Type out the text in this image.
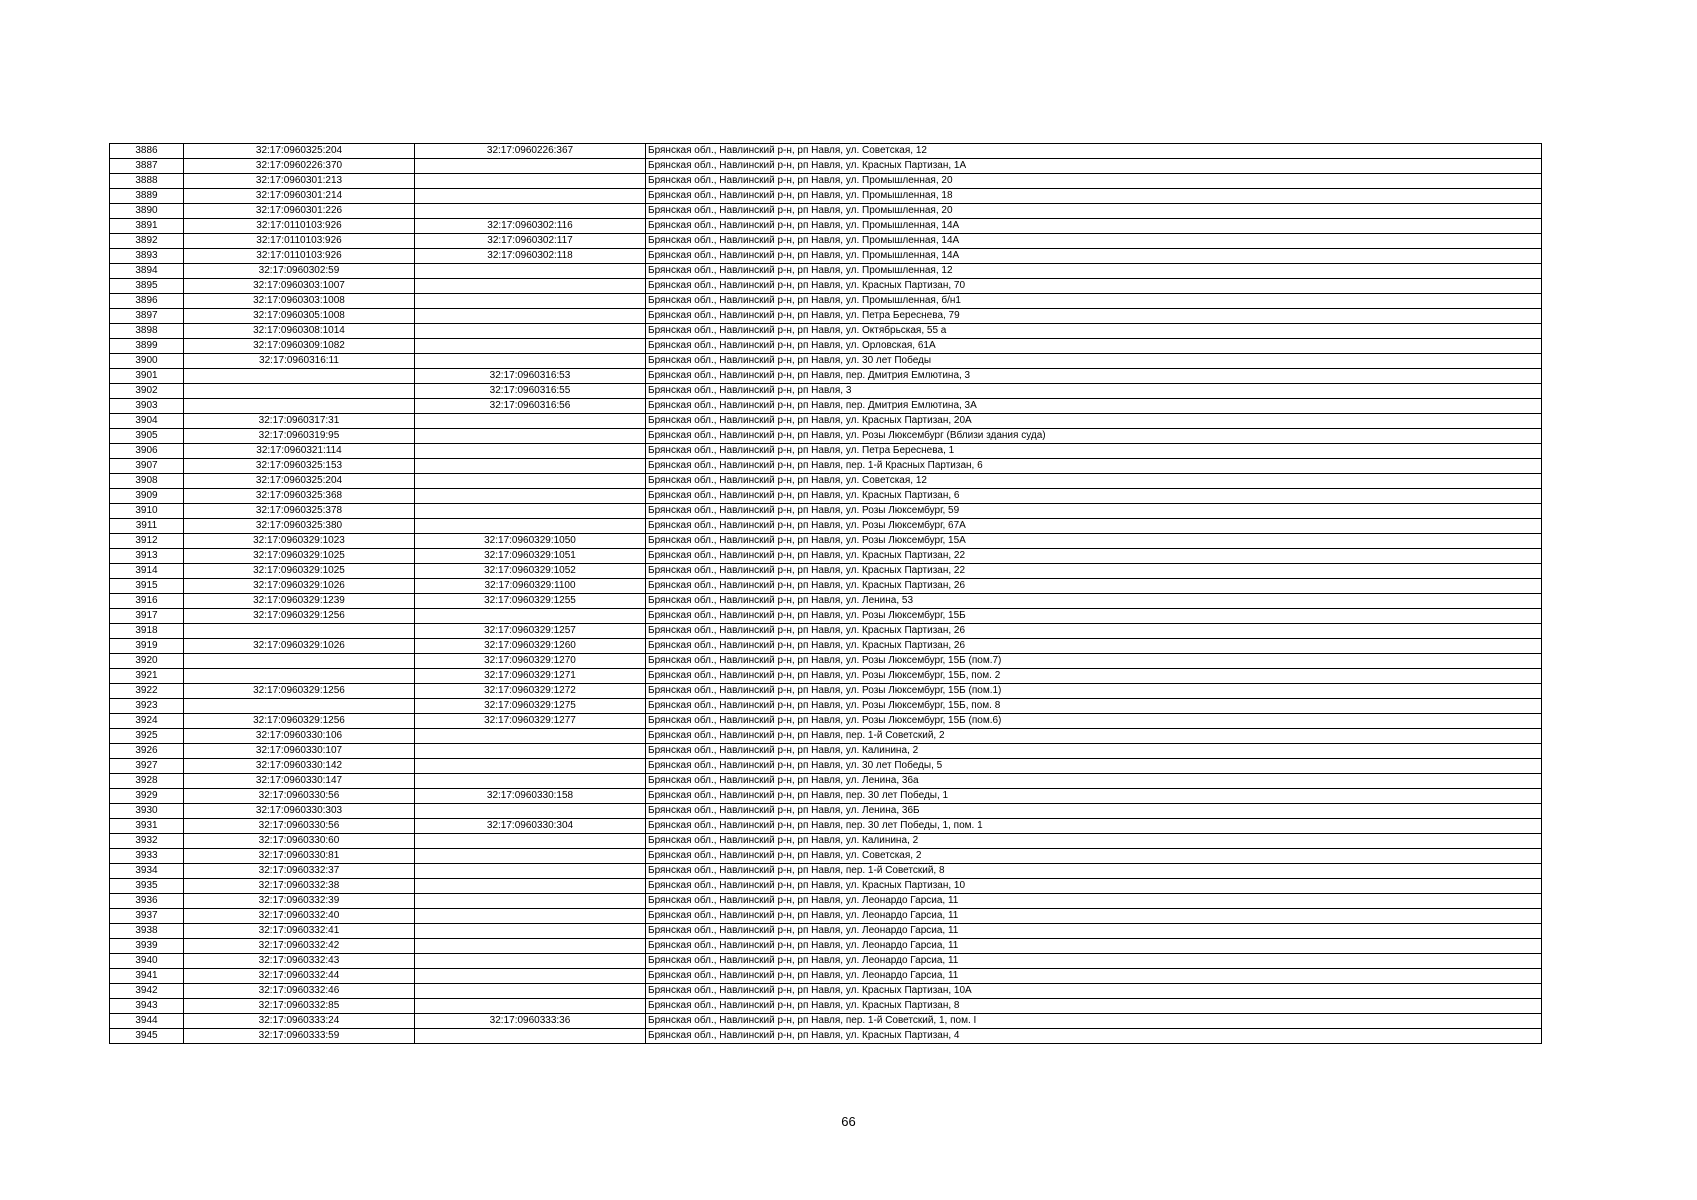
3886	32:17:0960325:204	32:17:0960226:367	Брянская обл., Навлинский р-н, рп Навля, ул. Советская, 12
3887	32:17:0960226:370		Брянская обл., Навлинский р-н, рп Навля, ул. Красных Партизан, 1А
3888	32:17:0960301:213		Брянская обл., Навлинский р-н, рп Навля, ул. Промышленная, 20
3889	32:17:0960301:214		Брянская обл., Навлинский р-н, рп Навля, ул. Промышленная, 18
3890	32:17:0960301:226		Брянская обл., Навлинский р-н, рп Навля, ул. Промышленная, 20
3891	32:17:0110103:926	32:17:0960302:116	Брянская обл., Навлинский р-н, рп Навля, ул. Промышленная, 14А
3892	32:17:0110103:926	32:17:0960302:117	Брянская обл., Навлинский р-н, рп Навля, ул. Промышленная, 14А
3893	32:17:0110103:926	32:17:0960302:118	Брянская обл., Навлинский р-н, рп Навля, ул. Промышленная, 14А
3894	32:17:0960302:59		Брянская обл., Навлинский р-н, рп Навля, ул. Промышленная, 12
3895	32:17:0960303:1007		Брянская обл., Навлинский р-н, рп Навля, ул. Красных Партизан, 70
3896	32:17:0960303:1008		Брянская обл., Навлинский р-н, рп Навля, ул. Промышленная, б/н1
3897	32:17:0960305:1008		Брянская обл., Навлинский р-н, рп Навля, ул. Петра Береснева, 79
3898	32:17:0960308:1014		Брянская обл., Навлинский р-н, рп Навля, ул. Октябрьская, 55 а
3899	32:17:0960309:1082		Брянская обл., Навлинский р-н, рп Навля, ул. Орловская, 61А
3900	32:17:0960316:11		Брянская обл., Навлинский р-н, рп Навля, ул. 30 лет Победы
3901		32:17:0960316:53	Брянская обл., Навлинский р-н, рп Навля, пер. Дмитрия Емлютина, 3
3902		32:17:0960316:55	Брянская обл., Навлинский р-н, рп Навля, 3
3903		32:17:0960316:56	Брянская обл., Навлинский р-н, рп Навля, пер. Дмитрия Емлютина, 3А
3904	32:17:0960317:31		Брянская обл., Навлинский р-н, рп Навля, ул. Красных Партизан, 20А
3905	32:17:0960319:95		Брянская обл., Навлинский р-н, рп Навля, ул. Розы Люксембург (Вблизи здания суда)
3906	32:17:0960321:114		Брянская обл., Навлинский р-н, рп Навля, ул. Петра Бересневa, 1
3907	32:17:0960325:153		Брянская обл., Навлинский р-н, рп Навля, пер. 1-й Красных Партизан, 6
3908	32:17:0960325:204		Брянская обл., Навлинский р-н, рп Навля, ул. Советская, 12
3909	32:17:0960325:368		Брянская обл., Навлинский р-н, рп Навля, ул. Красных Партизан, 6
3910	32:17:0960325:378		Брянская обл., Навлинский р-н, рп Навля, ул. Розы Люксембург, 59
3911	32:17:0960325:380		Брянская обл., Навлинский р-н, рп Навля, ул. Розы Люксембург, 67А
3912	32:17:0960329:1023	32:17:0960329:1050	Брянская обл., Навлинский р-н, рп Навля, ул. Розы Люксембург, 15А
3913	32:17:0960329:1025	32:17:0960329:1051	Брянская обл., Навлинский р-н, рп Навля, ул. Красных Партизан, 22
3914	32:17:0960329:1025	32:17:0960329:1052	Брянская обл., Навлинский р-н, рп Навля, ул. Красных Партизан, 22
3915	32:17:0960329:1026	32:17:0960329:1100	Брянская обл., Навлинский р-н, рп Навля, ул. Красных Партизан, 26
3916	32:17:0960329:1239	32:17:0960329:1255	Брянская обл., Навлинский р-н, рп Навля, ул. Ленина, 53
3917	32:17:0960329:1256		Брянская обл., Навлинский р-н, рп Навля, ул. Розы Люксембург, 15Б
3918		32:17:0960329:1257	Брянская обл., Навлинский р-н, рп Навля, ул. Красных Партизан, 26
3919	32:17:0960329:1026	32:17:0960329:1260	Брянская обл., Навлинский р-н, рп Навля, ул. Красных Партизан, 26
3920		32:17:0960329:1270	Брянская обл., Навлинский р-н, рп Навля, ул. Розы Люксембург, 15Б (пом.7)
3921		32:17:0960329:1271	Брянская обл., Навлинский р-н, рп Навля, ул. Розы Люксембург, 15Б, пом. 2
3922	32:17:0960329:1256	32:17:0960329:1272	Брянская обл., Навлинский р-н, рп Навля, ул. Розы Люксембург, 15Б (пом.1)
3923		32:17:0960329:1275	Брянская обл., Навлинский р-н, рп Навля, ул. Розы Люксембург, 15Б, пом. 8
3924	32:17:0960329:1256	32:17:0960329:1277	Брянская обл., Навлинский р-н, рп Навля, ул. Розы Люксембург, 15Б (пом.6)
3925	32:17:0960330:106		Брянская обл., Навлинский р-н, рп Навля, пер. 1-й Советский, 2
3926	32:17:0960330:107		Брянская обл., Навлинский р-н, рп Навля, ул. Калинина, 2
3927	32:17:0960330:142		Брянская обл., Навлинский р-н, рп Навля, ул. 30 лет Победы, 5
3928	32:17:0960330:147		Брянская обл., Навлинский р-н, рп Навля, ул. Ленина, 36а
3929	32:17:0960330:56	32:17:0960330:158	Брянская обл., Навлинский р-н, рп Навля, пер. 30 лет Победы, 1
3930	32:17:0960330:303		Брянская обл., Навлинский р-н, рп Навля, ул. Ленина, 36Б
3931	32:17:0960330:56	32:17:0960330:304	Брянская обл., Навлинский р-н, рп Навля, пер. 30 лет Победы, 1, пом. 1
3932	32:17:0960330:60		Брянская обл., Навлинский р-н, рп Навля, ул. Калинина, 2
3933	32:17:0960330:81		Брянская обл., Навлинский р-н, рп Навля, ул. Советская, 2
3934	32:17:0960332:37		Брянская обл., Навлинский р-н, рп Навля, пер. 1-й Советский, 8
3935	32:17:0960332:38		Брянская обл., Навлинский р-н, рп Навля, ул. Красных Партизан, 10
3936	32:17:0960332:39		Брянская обл., Навлинский р-н, рп Навля, ул. Леонардо Гарсиа, 11
3937	32:17:0960332:40		Брянская обл., Навлинский р-н, рп Навля, ул. Леонардо Гарсиа, 11
3938	32:17:0960332:41		Брянская обл., Навлинский р-н, рп Навля, ул. Леонардо Гарсиа, 11
3939	32:17:0960332:42		Брянская обл., Навлинский р-н, рп Навля, ул. Леонардо Гарсиа, 11
3940	32:17:0960332:43		Брянская обл., Навлинский р-н, рп Навля, ул. Леонардо Гарсиа, 11
3941	32:17:0960332:44		Брянская обл., Навлинский р-н, рп Навля, ул. Леонардо Гарсиа, 11
3942	32:17:0960332:46		Брянская обл., Навлинский р-н, рп Навля, ул. Красных Партизан, 10А
3943	32:17:0960332:85		Брянская обл., Навлинский р-н, рп Навля, ул. Красных Партизан, 8
3944	32:17:0960333:24	32:17:0960333:36	Брянская обл., Навлинский р-н, рп Навля, пер. 1-й Советский, 1, пом. I
3945	32:17:0960333:59		Брянская обл., Навлинский р-н, рп Навля, ул. Красных Партизан, 4
66
